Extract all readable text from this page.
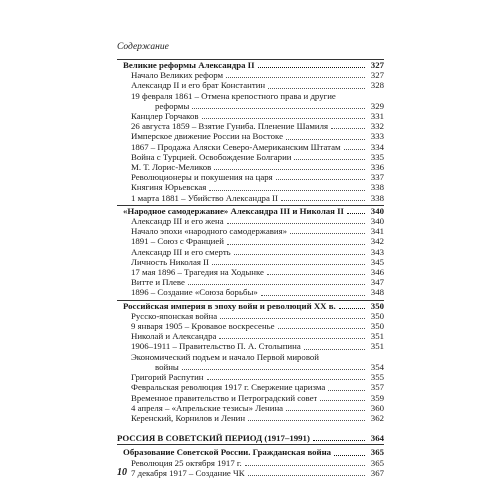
Содержание
Великие реформы Александра II	327
Начало Великих реформ	327
Александр II и его брат Константин	328
19 февраля 1861 – Отмена крепостного права и другие
реформы	329
Канцлер Горчаков	331
26 августа 1859 – Взятие Гуниба. Пленение Шамиля	332
Имперское движение России на Востоке	333
1867 – Продажа Аляски Северо-Американским Штатам	334
Война с Турцией. Освобождение Болгарии	335
М. Т. Лорис-Меликов	336
Революционеры и покушения на царя	337
Княгиня Юрьевская	338
1 марта 1881 – Убийство Александра II	338
«Народное самодержавие» Александра III и Николая II	340
Александр III и его жена	340
Начало эпохи «народного самодержавия»	341
1891 – Союз с Францией	342
Александр III и его смерть	343
Личность Николая II	345
17 мая 1896 – Трагедия на Ходынке	346
Витте и Плеве	347
1896 – Создание «Союза борьбы»	348
Российская империя в эпоху войн и революций ХХ в.	350
Русско-японская война	350
9 января 1905 – Кровавое воскресенье	350
Николай и Александра	351
1906–1911 – Правительство П. А. Столыпина	351
Экономический подъем и начало Первой мировой
войны	354
Григорий Распутин	355
Февральская революция 1917 г. Свержение царизма	357
Временное правительство и Петроградский совет	359
4 апреля – «Апрельские тезисы» Ленина	360
Керенский, Корнилов и Ленин	362
РОССИЯ В СОВЕТСКИЙ ПЕРИОД (1917–1991)	364
Образование Советской России. Гражданская война	365
Революция 25 октября 1917 г.	365
7 декабря 1917 – Создание ЧК	367
10
